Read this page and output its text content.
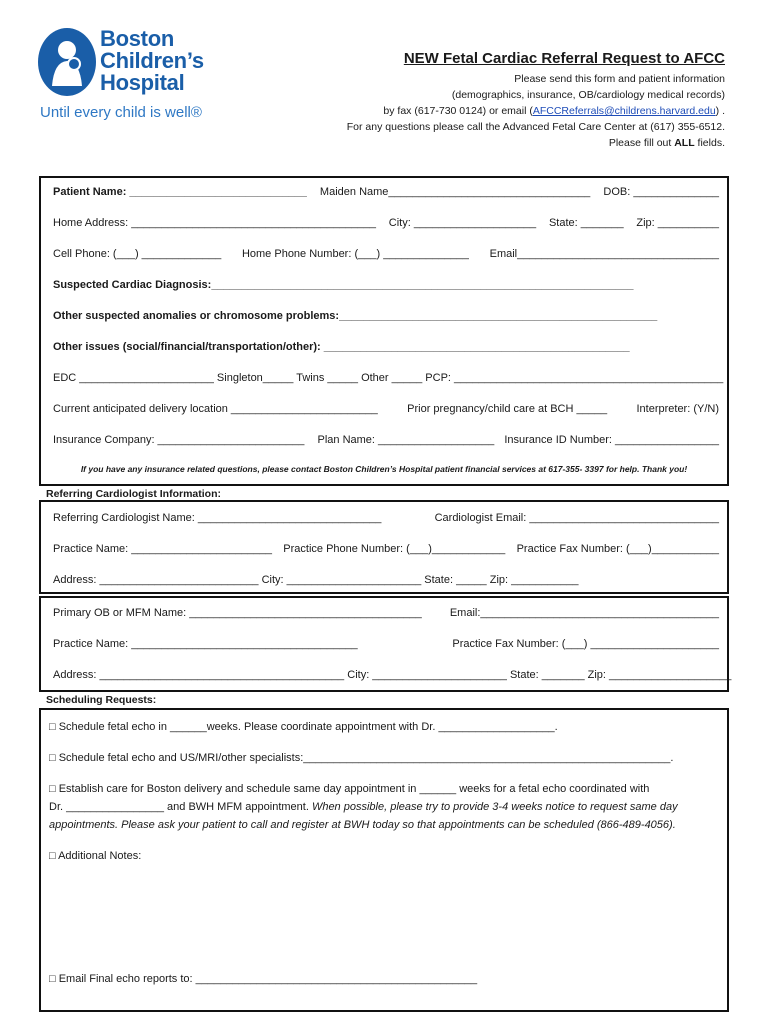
Boston
Children’s
Hospital
Until every child is well®
NEW Fetal Cardiac Referral Request to AFCC
Please send this form and patient information
(demographics, insurance, OB/cardiology medical records)
by fax (617-730 0124) or email (AFCCReferrals@childrens.harvard.edu) .
For any questions please call the Advanced Fetal Care Center at (617) 355-6512.
Please fill out ALL fields.
Patient Name: _____________________________ Maiden Name_________________________________ DOB: ______________
Home Address: ________________________________________ City: ____________________ State: _______ Zip: __________
Cell Phone: (___) _____________ Home Phone Number: (___) ______________ Email_________________________________
Suspected Cardiac Diagnosis:_____________________________________________________________________
Other suspected anomalies or chromosome problems:____________________________________________________
Other issues (social/financial/transportation/other): __________________________________________________
EDC ______________________ Singleton_____ Twins _____ Other _____ PCP: ____________________________________________
Current anticipated delivery location ________________________ Prior pregnancy/child care at BCH _____ Interpreter: (Y/N)
Insurance Company: ________________________ Plan Name: ___________________ Insurance ID Number: _________________
If you have any insurance related questions, please contact Boston Children’s Hospital patient financial services at 617-355- 3397 for help. Thank you!
Referring Cardiologist Information:
Referring Cardiologist Name: ______________________________	Cardiologist Email: _______________________________
Practice Name: _______________________ Practice Phone Number: (___)____________ Practice Fax Number: (___)___________
Address: __________________________ City: ______________________ State: _____ Zip: ___________
Primary OB or MFM Name: ______________________________________	Email:_______________________________________
Practice Name: _____________________________________	Practice Fax Number: (___) _____________________
Address: ________________________________________ City: ______________________ State: _______ Zip: ____________________
Scheduling Requests:
□ Schedule fetal echo in ______weeks. Please coordinate appointment with Dr. ___________________.
□ Schedule fetal echo and US/MRI/other specialists:____________________________________________________________.
□ Establish care for Boston delivery and schedule same day appointment in ______ weeks for a fetal echo coordinated with
Dr. ________________ and BWH MFM appointment. When possible, please try to provide 3-4 weeks notice to request same day
appointments. Please ask your patient to call and register at BWH today so that appointments can be scheduled (866-489-4056).
□ Additional Notes:
□ Email Final echo reports to: ______________________________________________
